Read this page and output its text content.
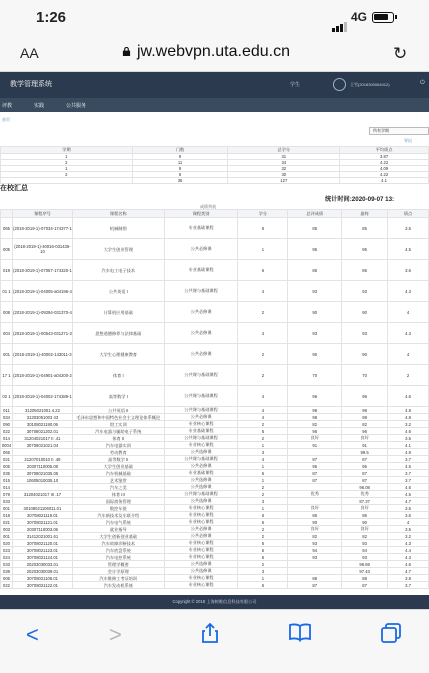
1:26	4G
AA	jw.webvpn.uta.edu.cn	↻
教学管理系统	学生	王雪(2018300084012)	⏻
评教	实践	公共服务
首页
所有学期
导出
学期	门数	总学分	平均绩点
1	9	31	3.87
2	11	34	4.22
1	9	32	4.09
2	6	30	4.22
	35	127	4.1
在校汇总
统计时间:2020-09-07 13:
成绩列表
	课程序号	课程名称	课程类别	学分	总评成绩	最终	绩点
065	(2018-2019-1)-07034-174377-1	机械制图	专业基础课程	6	85	85	3.5
005	(2018-2019-1)-40016-031435-10	大学生创业管理	公共必修课	1	95	95	4.5
019	(2018-2019-1)-07057-174320-1	汽车电工电子技术	专业基础课程	6	86	86	3.6
01 1	(2018-2019-1)-04005-a04196-4	公共英语 I	公共课与基础课程	4	93	93	4.3
008	(2018-2019-1)-09294-031370-4	计算机应用基础	公共必修课	2	90	90	4
004	(2018-2019-1)-00543-031271-3	思想道德修养与法律基础	公共必修课	4	93	93	4.3
001	(2018-2019-1)-40002-143011-3	大学生心理健康教育	公共必修课	2	90	90	4
17 1	(2018-2019-1)-04901-a04200-2	体育 I	公共课与基础课程	2	70	70	2
02 1	(2018-2019-1)-04002-174389-1	高等数学 I	公共课与基础课程	4	96	96	4.6
011	31205021001 4.22	公共英语 II	公共课与基础课程	4	98	98	4.8
034	31303051003 43	毛泽东思想和中国特色社会主义理论体系概论	公共必修课	4	98	98	4.8
090	30108021190.06	钳工实训	专业核心课程	2	82	82	3.2
022	30708021202.01	汽车电器与辅助电子系统	专业基础课程	6	96	96	4.6
014	31204021017 II .41	体育 II	公共课与基础课程	2	良好	良好	3.5
0004	30708021021.04	汽车电器实训	专业核心课程	1	91	91	4.1
065		劳动教育	公共选修课	3		99.5	4.9
021	21207010010 II .48	高等数学 II	公共课与基础课程	4	87	87	3.7
005	20307110005.08	大学生创业基础	公共必修课	1	95	95	4.5
035	30708021035.05	汽车机械基础	专业基础课程	6	87	87	3.7
015	10605010035.10	艺术鉴赏	公共选修课	1	87	87	3.7
014		汽车之美	公共选修课	2		96.08	4.6
078	31204021017 III .17	体育 III	公共课与基础课程	2	优秀	优秀	4.5
033		国际商务管理	公共选修课	3		87.37	4.7
001	30108021106011.01	数控车铣	专业核心课程	1	良好	良好	3.5
018	30708021119.01	汽车新技术及车联介绍	专业核心课程	6	86	86	3.6
021	30708021121.01	汽车电气系统	专业核心课程	6	90	90	4
003	20307110003.06	就业指导	公共必修课	2	良好	良好	3.5
001	31412021001.61	大学生创新创业基础	公共必修课	2	82	82	3.2
020	30708021120.01	汽车故障诊断技术	专业核心课程	6	93	93	4.3
023	30708021123.01	汽车底盘系统	专业核心课程	6	94	94	4.4
024	30708021124.01	汽车电控系统	专业核心课程	6	93	93	4.3
033	20203030033.01	管理学概要	公共选修课	2		96.69	4.6
039	20203030039.01	会计学原理	公共选修课	3		97.43	4.7
006	30708021106.01	汽车维修工考证培训	专业核心课程	1	88	88	3.8
022	30708021122.01	汽车发动机系统	专业核心课程	6	87	87	3.7
Copyright © 2018 上海树维信息科技有限公司
<	>
